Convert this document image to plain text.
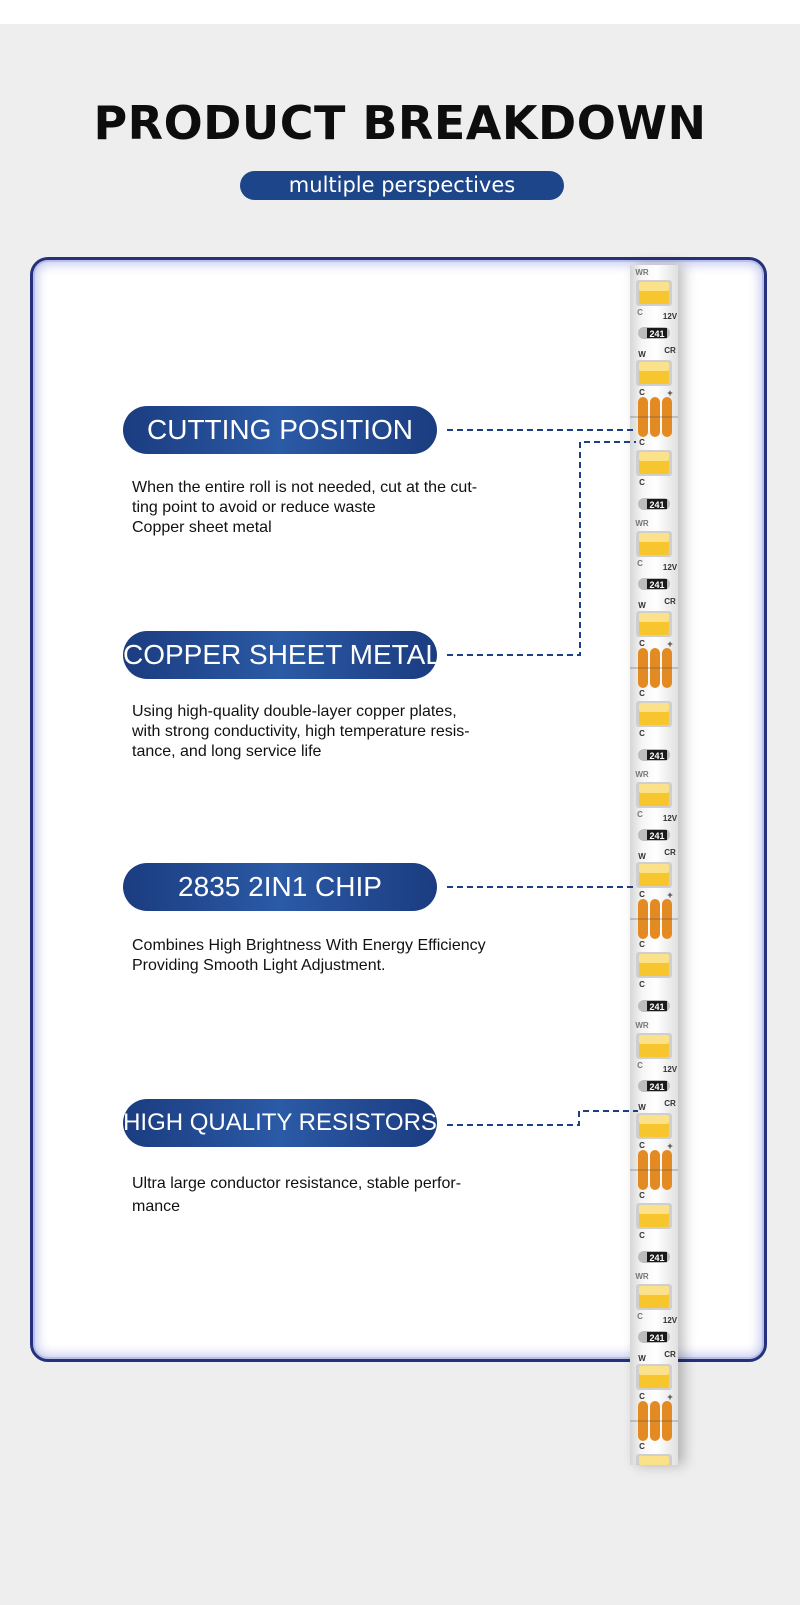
PRODUCT BREAKDOWN
multiple perspectives
CUTTING POSITION

When the entire roll is not needed, cut at the cut-
ting point to avoid or reduce waste
Copper sheet metal

COPPER SHEET METAL

Using high-quality double-layer copper plates,
with strong conductivity, high temperature resis-
tance, and long service life

2835 2IN1 CHIP

Combines High Brightness With Energy Efficiency
Providing Smooth Light Adjustment.

HIGH QUALITY RESISTORS

Ultra large conductor resistance, stable perfor-
mance

WR
C
241
12V
W CR
C +
C
C
241
WR
C
241
12V
W CR
C +
C
C
241
WR
C
241
12V
W CR
C +
C
C
241
WR
C
241
12V
W CR
C +
C
C
241
WR
C
241
12V
W CR
C +
C
